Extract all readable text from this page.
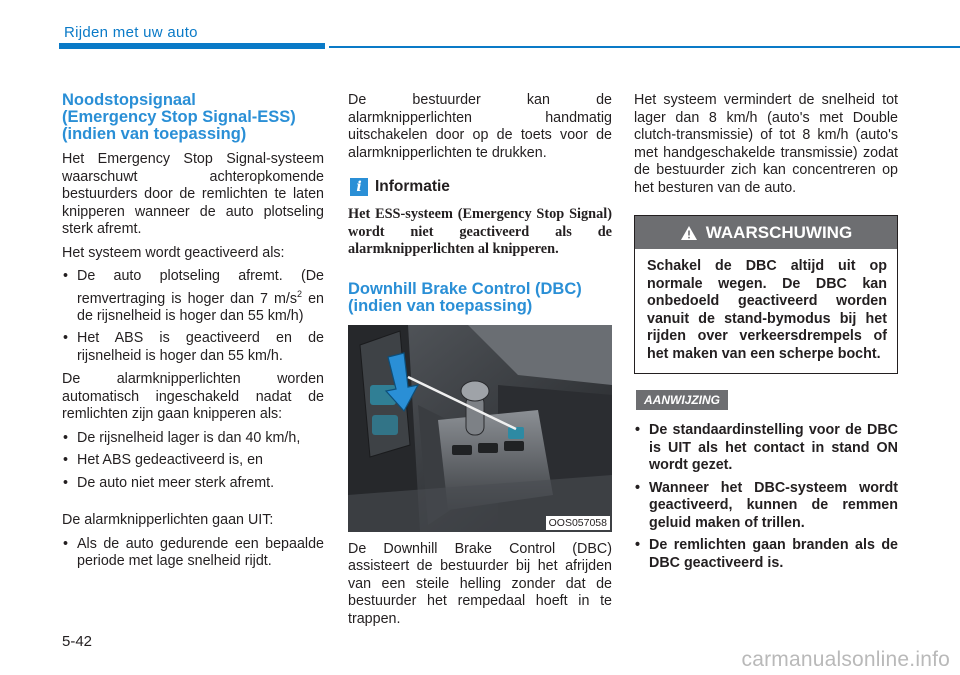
Rijden met uw auto
Noodstopsignaal
(Emergency Stop Signal-ESS)
(indien van toepassing)

Het Emergency Stop Signal-systeem waarschuwt achteropkomende bestuurders door de remlichten te laten knipperen wanneer de auto plotseling sterk afremt.

Het systeem wordt geactiveerd als:

• De auto plotseling afremt. (De remvertraging is hoger dan 7 $m/s^2$ en de rijsnelheid is hoger dan 55 km/h)
• Het ABS is geactiveerd en de rijsnelheid is hoger dan 55 km/h.

De alarmknipperlichten worden automatisch ingeschakeld nadat de remlichten zijn gaan knipperen als:

• De rijsnelheid lager is dan 40 km/h,
• Het ABS gedeactiveerd is, en
• De auto niet meer sterk afremt.

De alarmknipperlichten gaan UIT:

• Als de auto gedurende een bepaalde periode met lage snelheid rijdt.

De bestuurder kan de alarmknipperlichten handmatig uitschakelen door op de toets voor de alarmknipperlichten te drukken.

i Informatie

Het ESS-systeem (Emergency Stop Signal) wordt niet geactiveerd als de alarmknipperlichten al knipperen.

Downhill Brake Control (DBC)
(indien van toepassing)
OOS057058

De Downhill Brake Control (DBC) assisteert de bestuurder bij het afrijden van een steile helling zonder dat de bestuurder het rempedaal hoeft in te trappen.

Het systeem vermindert de snelheid tot lager dan 8 km/h (auto's met Double clutch-transmissie) of tot 8 km/h (auto's met handgeschakelde transmissie) zodat de bestuurder zich kan concentreren op het besturen van de auto.

WAARSCHUWING
Schakel de DBC altijd uit op normale wegen. De DBC kan onbedoeld geactiveerd worden vanuit de stand-bymodus bij het rijden over verkeersdrempels of het maken van een scherpe bocht.
AANWIJZING
• De standaardinstelling voor de DBC is UIT als het contact in stand ON wordt gezet.
• Wanneer het DBC-systeem wordt geactiveerd, kunnen de remmen geluid maken of trillen.
• De remlichten gaan branden als de DBC geactiveerd is.
5-42
carmanualsonline.info
